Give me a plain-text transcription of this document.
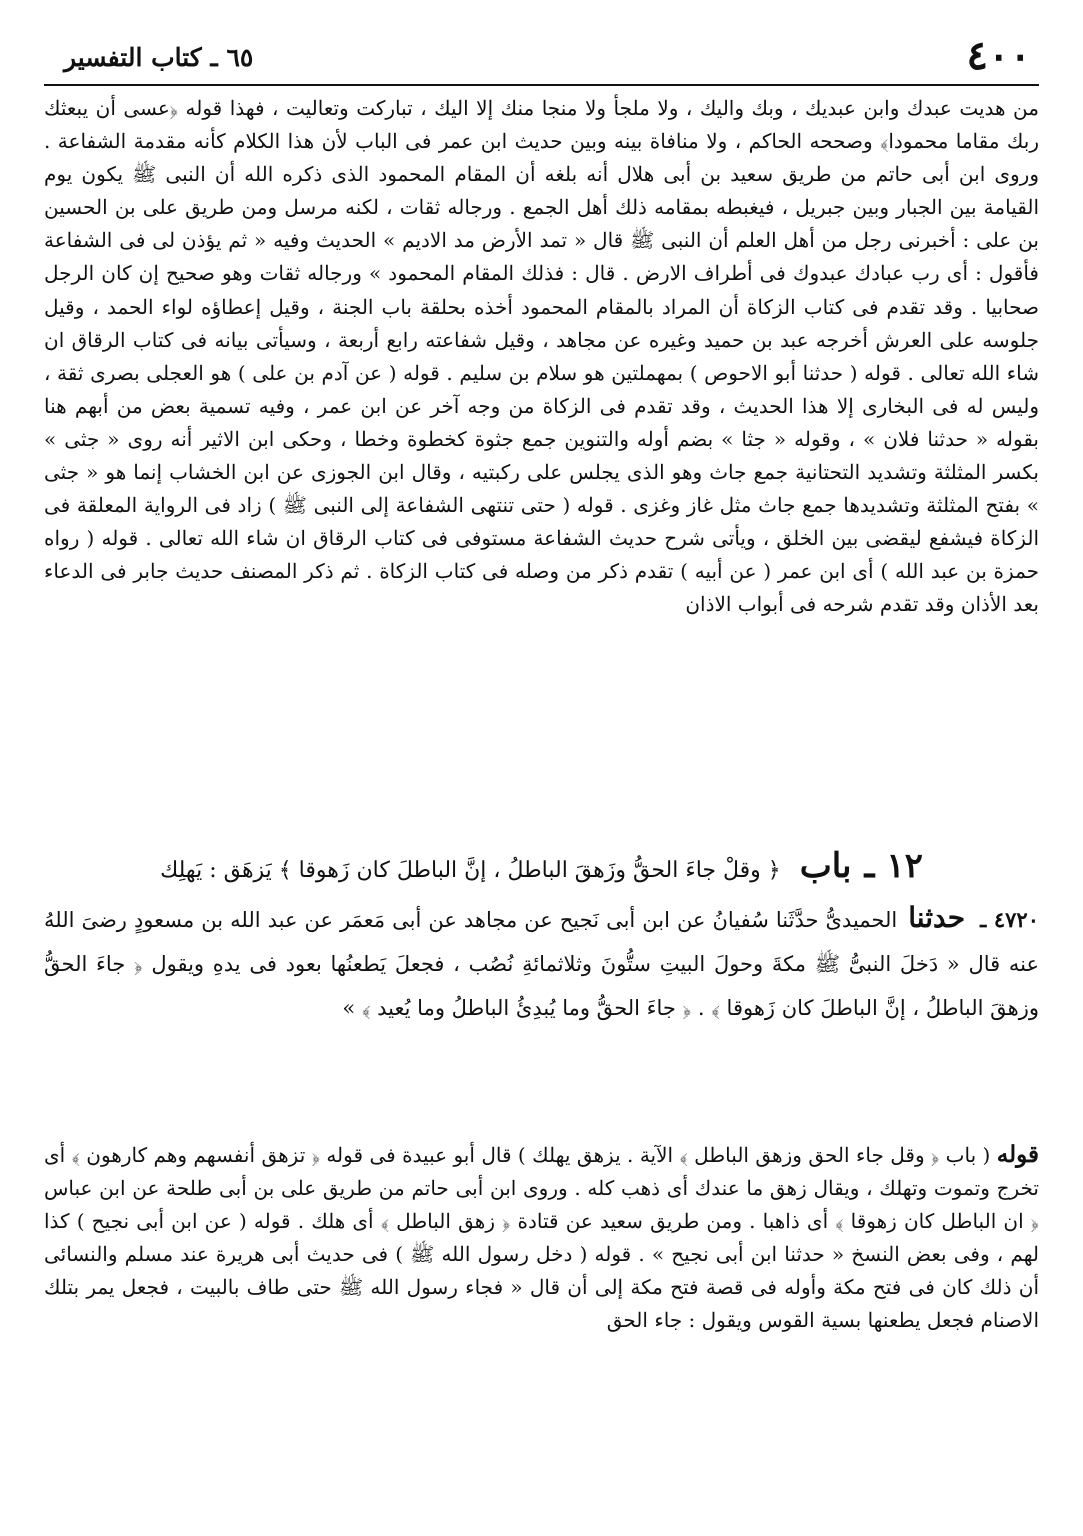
٤٠٠
٦٥ ـ كتاب التفسير
من هديت عبدك وابن عبديك ، وبك واليك ، ولا ملجأ ولا منجا منك إلا اليك ، تباركت وتعاليت ، فهذا قوله ﴿عسى أن يبعثك ربك مقاما محمودا﴾ وصححه الحاكم ، ولا منافاة بينه وبين حديث ابن عمر فى الباب لأن هذا الكلام كأنه مقدمة الشفاعة . وروى ابن أبى حاتم من طريق سعيد بن أبى هلال أنه بلغه أن المقام المحمود الذى ذكره الله أن النبى ﷺ يكون يوم القيامة بين الجبار وبين جبريل ، فيغبطه بمقامه ذلك أهل الجمع . ورجاله ثقات ، لكنه مرسل ومن طريق على بن الحسين بن على : أخبرنى رجل من أهل العلم أن النبى ﷺ قال « تمد الأرض مد الاديم » الحديث وفيه « ثم يؤذن لى فى الشفاعة فأقول : أى رب عبادك عبدوك فى أطراف الارض . قال : فذلك المقام المحمود » ورجاله ثقات وهو صحيح إن كان الرجل صحابيا . وقد تقدم فى كتاب الزكاة أن المراد بالمقام المحمود أخذه بحلقة باب الجنة ، وقيل إعطاؤه لواء الحمد ، وقيل جلوسه على العرش أخرجه عبد بن حميد وغيره عن مجاهد ، وقيل شفاعته رابع أربعة ، وسيأتى بيانه فى كتاب الرقاق ان شاء الله تعالى . قوله ( حدثنا أبو الاحوص ) بمهملتين هو سلام بن سليم . قوله ( عن آدم بن على ) هو العجلى بصرى ثقة ، وليس له فى البخارى إلا هذا الحديث ، وقد تقدم فى الزكاة من وجه آخر عن ابن عمر ، وفيه تسمية بعض من أبهم هنا بقوله « حدثنا فلان » ، وقوله « جثا » بضم أوله والتنوين جمع جثوة كخطوة وخطا ، وحكى ابن الاثير أنه روى « جثى » بكسر المثلثة وتشديد التحتانية جمع جاث وهو الذى يجلس على ركبتيه ، وقال ابن الجوزى عن ابن الخشاب إنما هو « جثى » بفتح المثلثة وتشديدها جمع جاث مثل غاز وغزى . قوله ( حتى تنتهى الشفاعة إلى النبى ﷺ ) زاد فى الرواية المعلقة فى الزكاة فيشفع ليقضى بين الخلق ، ويأتى شرح حديث الشفاعة مستوفى فى كتاب الرقاق ان شاء الله تعالى . قوله ( رواه حمزة بن عبد الله ) أى ابن عمر ( عن أبيه ) تقدم ذكر من وصله فى كتاب الزكاة . ثم ذكر المصنف حديث جابر فى الدعاء بعد الأذان وقد تقدم شرحه فى أبواب الاذان
١٢ ـ باب ﴿ وقلْ جاءَ الحقُّ وزَهقَ الباطلُ ، إنَّ الباطلَ كان زَهوقا ﴾ يَزهَق : يَهلِك
٤٧٢٠ ـ حدثنا الحميدىُّ حدَّثَنا سُفيانُ عن ابن أبى نَجيح عن مجاهد عن أبى مَعمَر عن عبد الله بن مسعودٍ رضىَ اللهُ عنه قال « دَخلَ النبىُّ ﷺ مكةَ وحولَ البيتِ ستُّونَ وثلاثمائةِ نُصُب ، فجعلَ يَطعنُها بعود فى يدهِ ويقول ﴿ جاءَ الحقُّ وزهقَ الباطلُ ، إنَّ الباطلَ كان زَهوقا ﴾ . ﴿ جاءَ الحقُّ وما يُبدِئُ الباطلُ وما يُعيد ﴾ »
قوله ( باب ﴿ وقل جاء الحق وزهق الباطل ﴾ الآية . يزهق يهلك ) قال أبو عبيدة فى قوله ﴿ تزهق أنفسهم وهم كارهون ﴾ أى تخرج وتموت وتهلك ، ويقال زهق ما عندك أى ذهب كله . وروى ابن أبى حاتم من طريق على بن أبى طلحة عن ابن عباس ﴿ ان الباطل كان زهوقا ﴾ أى ذاهبا . ومن طريق سعيد عن قتادة ﴿ زهق الباطل ﴾ أى هلك . قوله ( عن ابن أبى نجيح ) كذا لهم ، وفى بعض النسخ « حدثنا ابن أبى نجيح » . قوله ( دخل رسول الله ﷺ ) فى حديث أبى هريرة عند مسلم والنسائى أن ذلك كان فى فتح مكة وأوله فى قصة فتح مكة إلى أن قال « فجاء رسول الله ﷺ حتى طاف بالبيت ، فجعل يمر بتلك الاصنام فجعل يطعنها بسية القوس ويقول : جاء الحق
